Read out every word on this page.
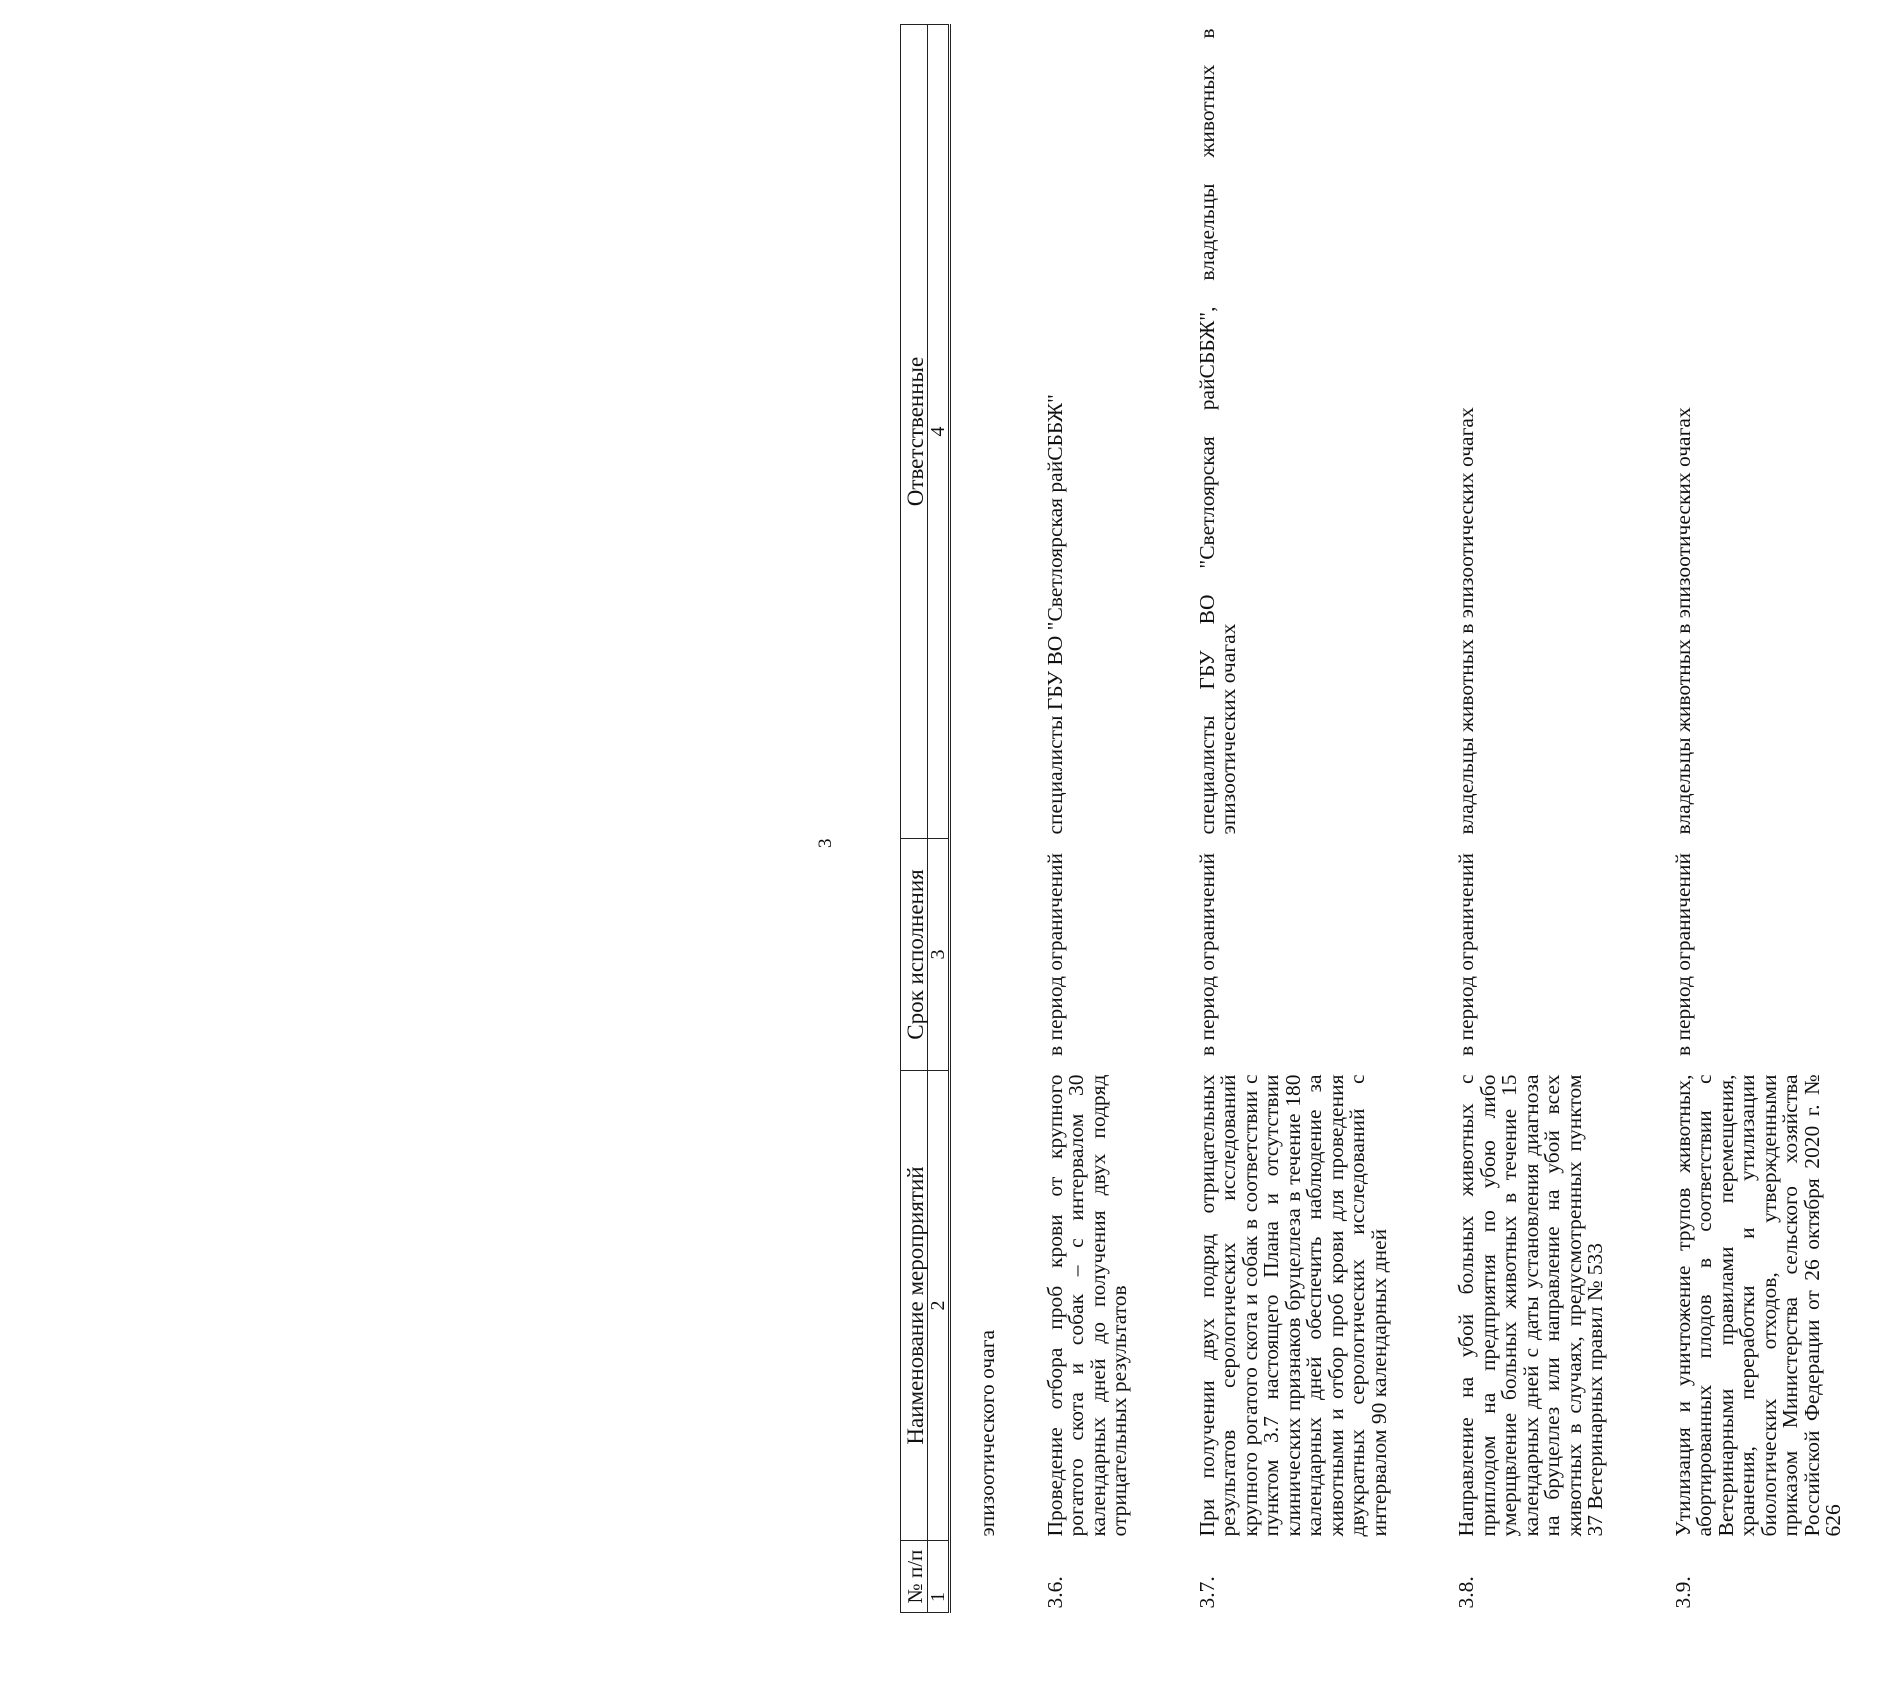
3
№ п/п	Наименование мероприятий	Срок исполнения	Ответственные
1	2	3	4
	эпизоотического очага		
3.6.	Проведение отбора проб крови от крупного рогатого скота и собак – с интервалом 30 календарных дней до получения двух подряд отрицательных результатов	в период ограничений	специалисты ГБУ ВО "Светлоярская райСББЖ"
3.7.	При получении двух подряд отрицательных результатов серологических исследований крупного рогатого скота и собак в соответствии с пунктом 3.7 настоящего Плана и отсутствии клинических признаков бруцеллеза в течение 180 календарных дней обеспечить наблюдение за животными и отбор проб крови для проведения двукратных серологических исследований с интервалом 90 календарных дней	в период ограничений	специалисты ГБУ ВО "Светлоярская райСББЖ", владельцы животных в эпизоотических очагах
3.8.	Направление на убой больных животных с приплодом на предприятия по убою либо умерщвление больных животных в течение 15 календарных дней с даты установления диагноза на бруцеллез или направление на убой всех животных в случаях, предусмотренных пунктом 37 Ветеринарных правил № 533	в период ограничений	владельцы животных в эпизоотических очагах
3.9.	Утилизация и уничтожение трупов животных, абортированных плодов в соответствии с Ветеринарными правилами перемещения, хранения, переработки и утилизации биологических отходов, утвержденными приказом Министерства сельского хозяйства Российской Федерации от 26 октября 2020 г. № 626	в период ограничений	владельцы животных в эпизоотических очагах
